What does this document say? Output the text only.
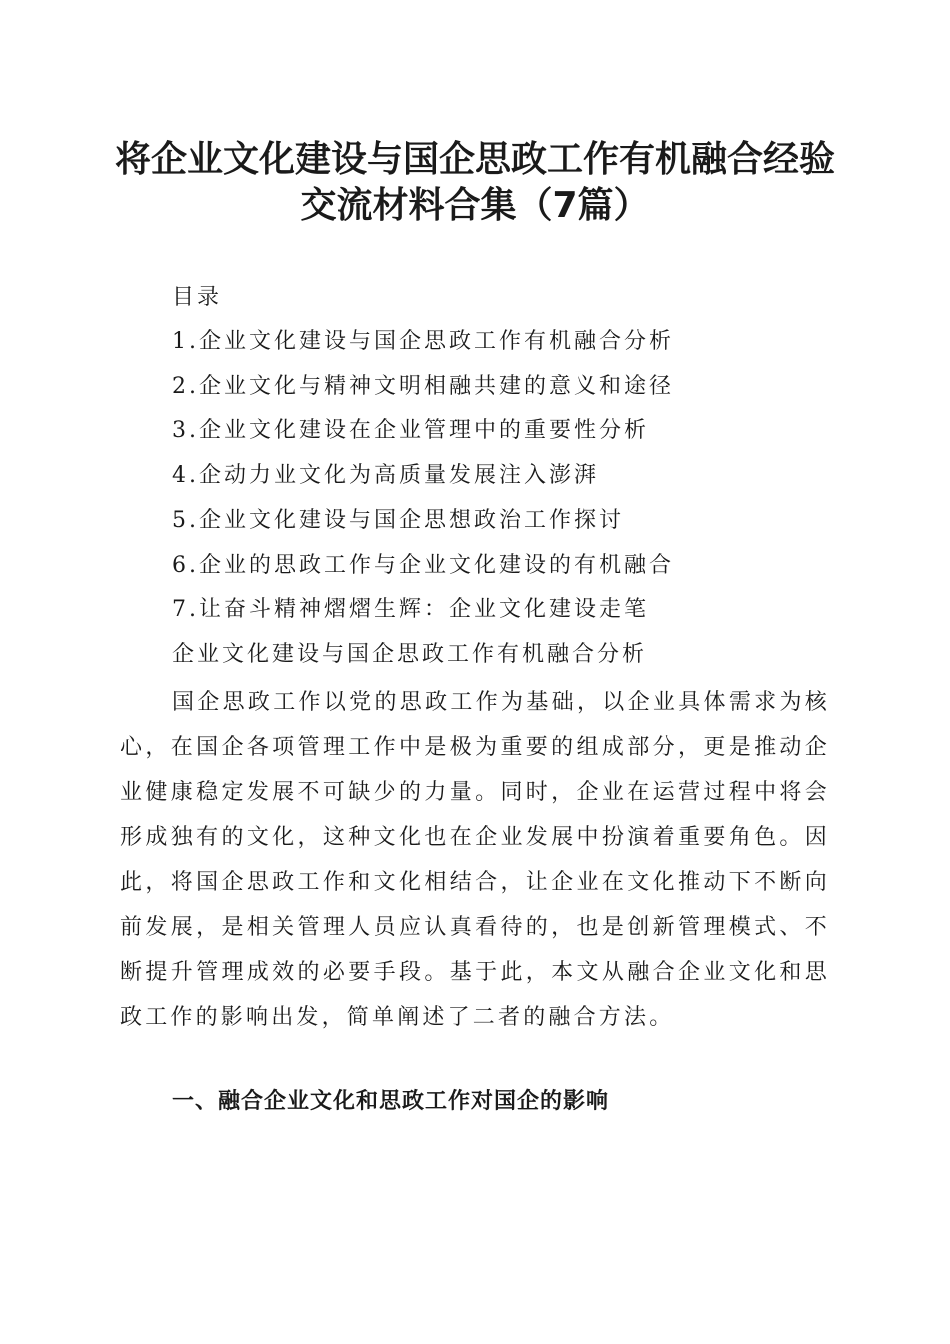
将企业文化建设与国企思政工作有机融合经验
交流材料合集（7篇）

目录

1.企业文化建设与国企思政工作有机融合分析

2.企业文化与精神文明相融共建的意义和途径

3.企业文化建设在企业管理中的重要性分析

4.企动力业文化为高质量发展注入澎湃

5.企业文化建设与国企思想政治工作探讨

6.企业的思政工作与企业文化建设的有机融合

7.让奋斗精神熠熠生辉：企业文化建设走笔

企业文化建设与国企思政工作有机融合分析

国企思政工作以党的思政工作为基础，以企业具体需求为核心，在国企各项管理工作中是极为重要的组成部分，更是推动企业健康稳定发展不可缺少的力量。同时，企业在运营过程中将会形成独有的文化，这种文化也在企业发展中扮演着重要角色。因此，将国企思政工作和文化相结合，让企业在文化推动下不断向前发展，是相关管理人员应认真看待的，也是创新管理模式、不断提升管理成效的必要手段。基于此，本文从融合企业文化和思政工作的影响出发，简单阐述了二者的融合方法。

一、融合企业文化和思政工作对国企的影响
